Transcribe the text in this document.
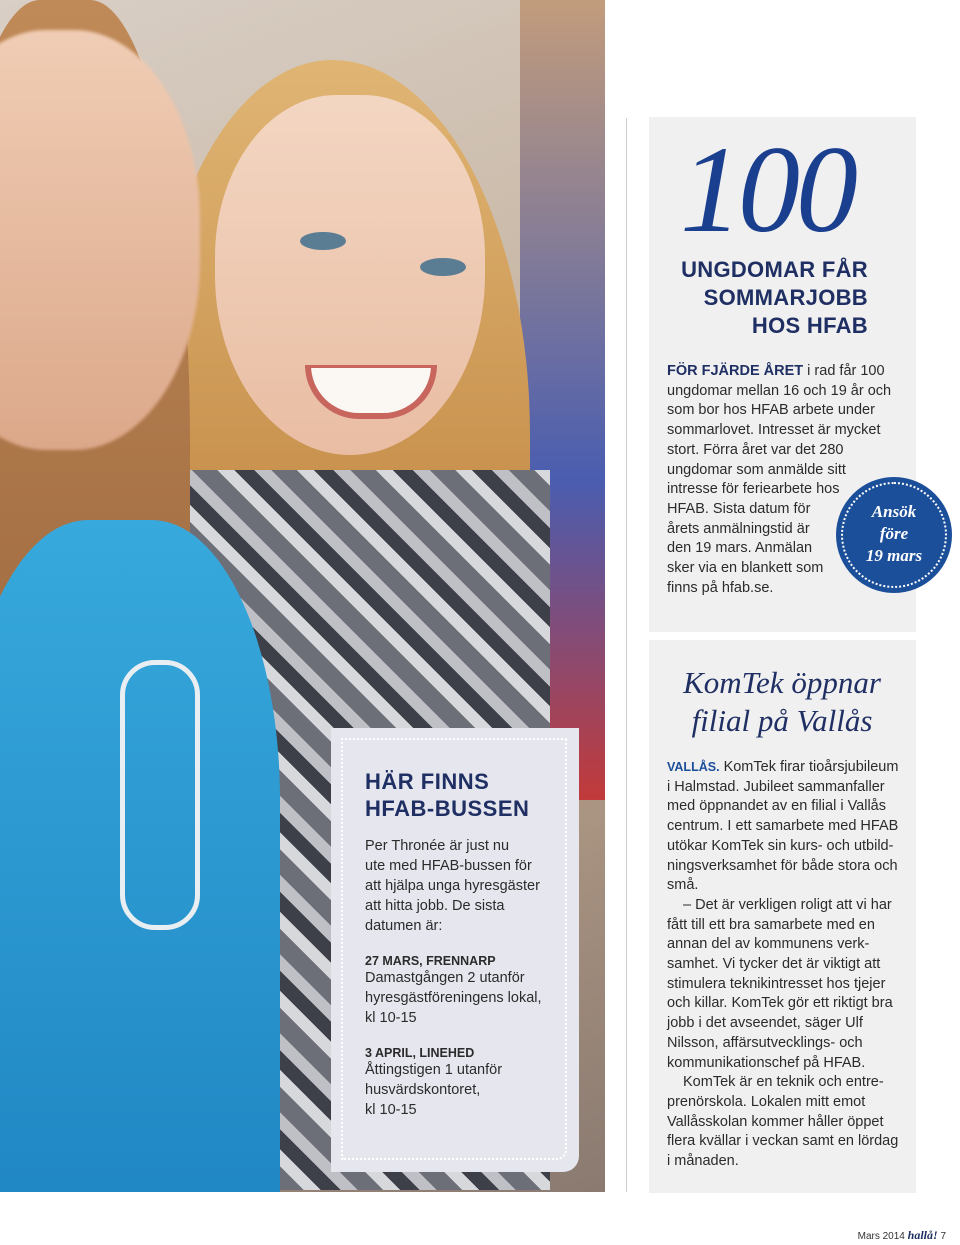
HÄR FINNS
HFAB-BUSSEN

Per Thronée är just nu
ute med HFAB-bussen för
att hjälpa unga hyresgäster
att hitta jobb. De sista
datumen är:

27 MARS, FRENNARP

Damastgången 2 utanför
hyresgästföreningens lokal,
kl 10-15

3 APRIL, LINEHED

Åttingstigen 1 utanför
husvärdskontoret,
kl 10-15

100
UNGDOMAR FÅR
SOMMARJOBB
HOS HFAB
FÖR FJÄRDE ÅRET i rad får 100
ungdomar mellan 16 och 19 år och
som bor hos HFAB arbete under
sommarlovet. Intresset är mycket
stort. Förra året var det 280
ungdomar som anmälde sitt
intresse för feriearbete hos
HFAB. Sista datum för
årets anmälningstid är
den 19 mars. Anmälan
sker via en blankett som
finns på hfab.se.
Ansök
före
19 mars
KomTek öppnar
filial på Vallås
VALLÅS. KomTek firar tioårsjubileum
i Halmstad. Jubileet sammanfaller
med öppnandet av en filial i Vallås
centrum. I ett samarbete med HFAB
utökar KomTek sin kurs- och utbild-
ningsverksamhet för både stora och
små.
– Det är verkligen roligt att vi har
fått till ett bra samarbete med en
annan del av kommunens verk-
samhet. Vi tycker det är viktigt att
stimulera teknikintresset hos tjejer
och killar. KomTek gör ett riktigt bra
jobb i det avseendet, säger Ulf
Nilsson, affärsutvecklings- och
kommunikationschef på HFAB.
KomTek är en teknik och entre-
prenörskola. Lokalen mitt emot
Vallåsskolan kommer håller öppet
flera kvällar i veckan samt en lördag
i månaden.
Mars 2014 hallå! 7
